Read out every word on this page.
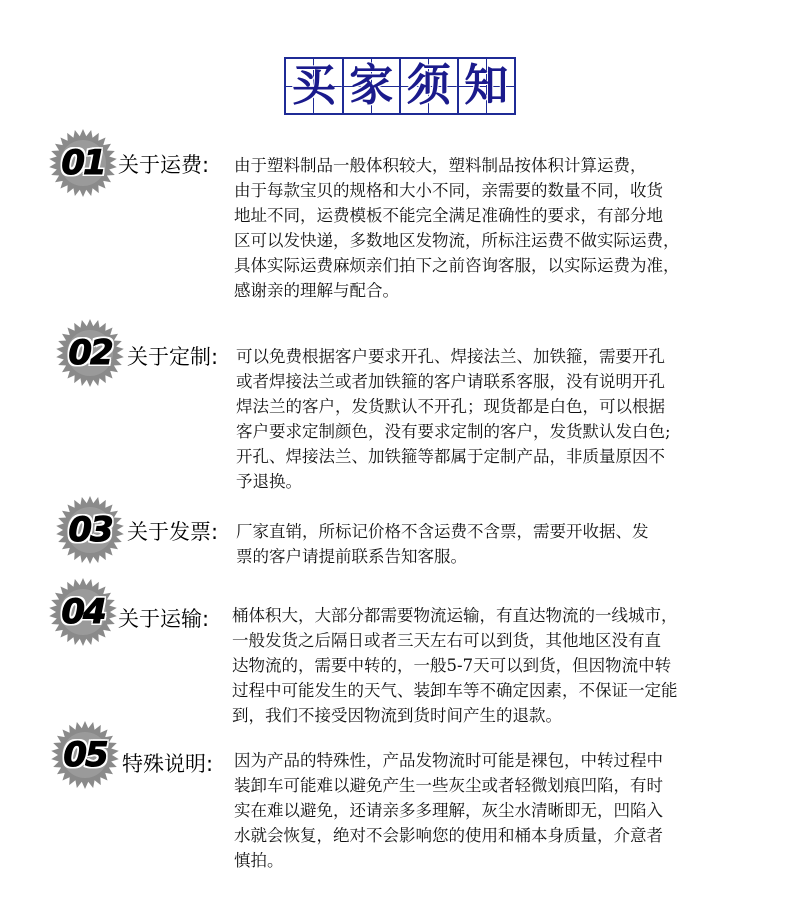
买 家 须 知
01 关于运费: 由于塑料制品一般体积较大，塑料制品按体积计算运费，
由于每款宝贝的规格和大小不同，亲需要的数量不同，收货
地址不同，运费模板不能完全满足准确性的要求，有部分地
区可以发快递，多数地区发物流，所标注运费不做实际运费，
具体实际运费麻烦亲们拍下之前咨询客服，以实际运费为准，
感谢亲的理解与配合。
02 关于定制: 可以免费根据客户要求开孔、焊接法兰、加铁箍，需要开孔
或者焊接法兰或者加铁箍的客户请联系客服，没有说明开孔
焊法兰的客户，发货默认不开孔；现货都是白色，可以根据
客户要求定制颜色，没有要求定制的客户，发货默认发白色;
开孔、焊接法兰、加铁箍等都属于定制产品，非质量原因不
予退换。
03 关于发票: 厂家直销，所标记价格不含运费不含票，需要开收据、发
票的客户请提前联系告知客服。
04 关于运输: 桶体积大，大部分都需要物流运输，有直达物流的一线城市，
一般发货之后隔日或者三天左右可以到货，其他地区没有直
达物流的，需要中转的，一般5-7天可以到货，但因物流中转
过程中可能发生的天气、装卸车等不确定因素，不保证一定能
到，我们不接受因物流到货时间产生的退款。
05 特殊说明: 因为产品的特殊性，产品发物流时可能是裸包，中转过程中
装卸车可能难以避免产生一些灰尘或者轻微划痕凹陷，有时
实在难以避免，还请亲多多理解，灰尘水清晰即无，凹陷入
水就会恢复，绝对不会影响您的使用和桶本身质量，介意者
慎拍。
